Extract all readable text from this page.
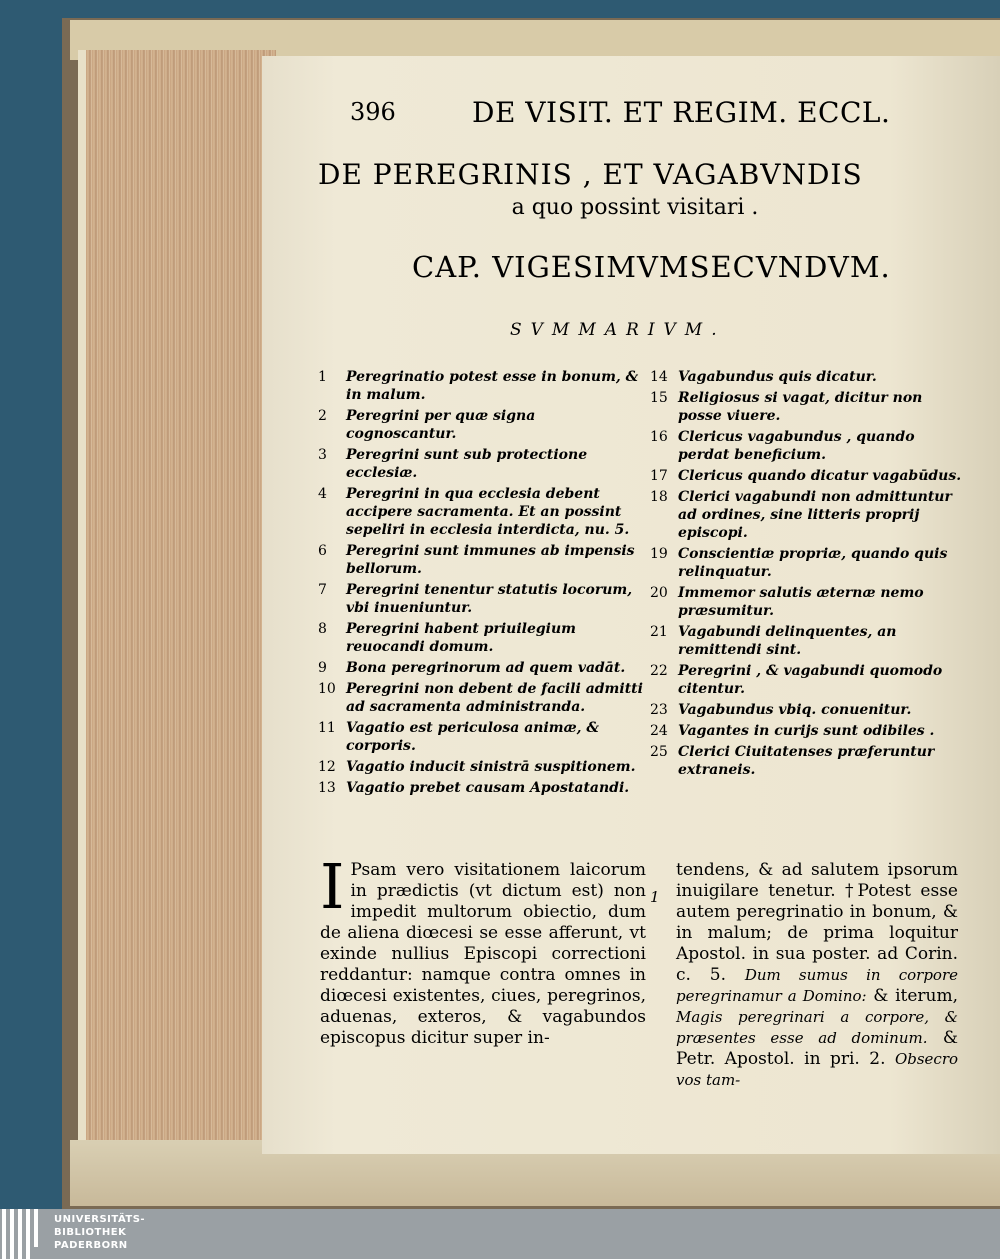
396	DE VISIT. ET REGIM. ECCL.
DE PEREGRINIS , ET VAGABVNDIS
a quo possint visitari .
CAP. VIGESIMVMSECVNDVM.
SVMMARIVM.
1 Peregrinatio potest esse in bonum, & in malum.
2 Peregrini per quæ signa cognoscantur.
3 Peregrini sunt sub protectione ecclesiæ.
4 Peregrini in qua ecclesia debent accipere sacramenta. Et an possint sepeliri in ecclesia interdicta, nu. 5.
6 Peregrini sunt immunes ab impensis bellorum.
7 Peregrini tenentur statutis locorum, vbi inueniuntur.
8 Peregrini habent priuilegium reuocandi domum.
9 Bona peregrinorum ad quem vadāt.
10 Peregrini non debent de facili admitti ad sacramenta administranda.
11 Vagatio est periculosa animæ, & corporis.
12 Vagatio inducit sinistrā suspitionem.
13 Vagatio prebet causam Apostatandi.
14 Vagabundus quis dicatur.
15 Religiosus si vagat, dicitur non posse viuere.
16 Clericus vagabundus , quando perdat beneficium.
17 Clericus quando dicatur vagabūdus.
18 Clerici vagabundi non admittuntur ad ordines, sine litteris proprij episcopi.
19 Conscientiæ propriæ, quando quis relinquatur.
20 Immemor salutis æternæ nemo præsumitur.
21 Vagabundi delinquentes, an remittendi sint.
22 Peregrini , & vagabundi quomodo citentur.
23 Vagabundus vbiq. conuenitur.
24 Vagantes in curijs sunt odibiles .
25 Clerici Ciuitatenses præferuntur extraneis.
I Psam vero visitationem laicorum in prædictis (vt dictum est) non impedit multorum obiectio, dum de aliena diœcesi se esse afferunt, vt exinde nullius Episcopi correctioni reddantur: namque contra omnes in diœcesi existentes, ciues, peregrinos, aduenas, exteros, & vagabundos episcopus dicitur super in-
1
tendens, & ad salutem ipsorum inuigilare tenetur. †Potest esse autem peregrinatio in bonum, & in malum; de prima loquitur Apostol. in sua poster. ad Corin. c. 5. Dum sumus in corpore peregrinamur a Domino: & iterum, Magis peregrinari a corpore, & præsentes esse ad dominum. & Petr. Apostol. in pri. 2. Obsecro vos tam-
UNIVERSITÄTS-
BIBLIOTHEK
PADERBORN
